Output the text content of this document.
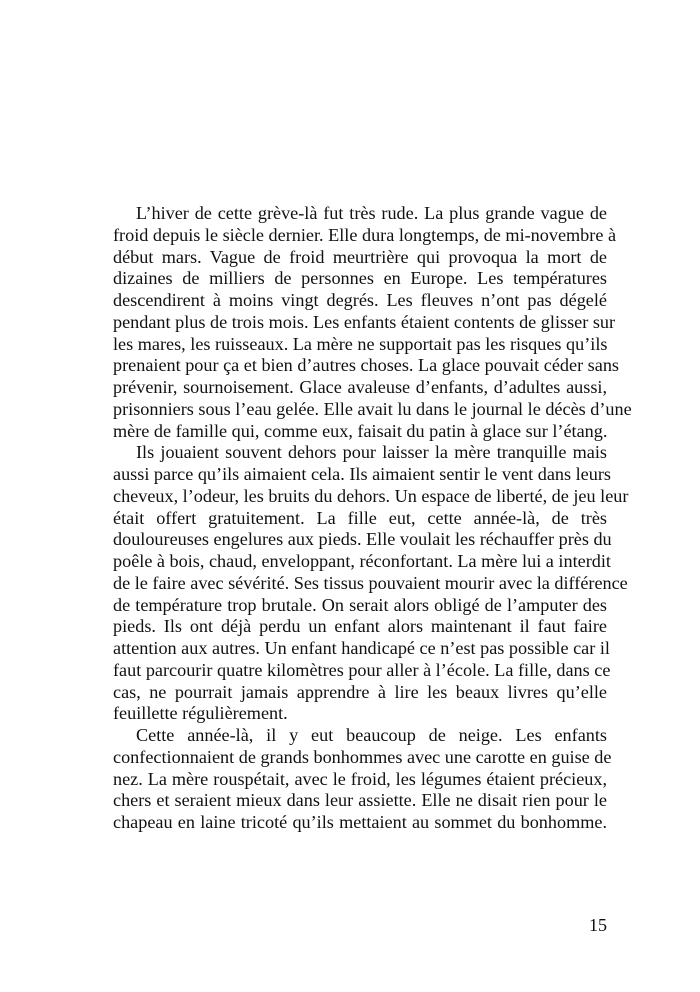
L’hiver de cette grève-là fut très rude. La plus grande vague de
froid depuis le siècle dernier. Elle dura longtemps, de mi-novembre à
début mars. Vague de froid meurtrière qui provoqua la mort de
dizaines de milliers de personnes en Europe. Les températures
descendirent à moins vingt degrés. Les fleuves n’ont pas dégelé
pendant plus de trois mois. Les enfants étaient contents de glisser sur
les mares, les ruisseaux. La mère ne supportait pas les risques qu’ils
prenaient pour ça et bien d’autres choses. La glace pouvait céder sans
prévenir, sournoisement. Glace avaleuse d’enfants, d’adultes aussi,
prisonniers sous l’eau gelée. Elle avait lu dans le journal le décès d’une
mère de famille qui, comme eux, faisait du patin à glace sur l’étang.
Ils jouaient souvent dehors pour laisser la mère tranquille mais
aussi parce qu’ils aimaient cela. Ils aimaient sentir le vent dans leurs
cheveux, l’odeur, les bruits du dehors. Un espace de liberté, de jeu leur
était offert gratuitement. La fille eut, cette année-là, de très
douloureuses engelures aux pieds. Elle voulait les réchauffer près du
poêle à bois, chaud, enveloppant, réconfortant. La mère lui a interdit
de le faire avec sévérité. Ses tissus pouvaient mourir avec la différence
de température trop brutale. On serait alors obligé de l’amputer des
pieds. Ils ont déjà perdu un enfant alors maintenant il faut faire
attention aux autres. Un enfant handicapé ce n’est pas possible car il
faut parcourir quatre kilomètres pour aller à l’école. La fille, dans ce
cas, ne pourrait jamais apprendre à lire les beaux livres qu’elle
feuillette régulièrement.
Cette année-là, il y eut beaucoup de neige. Les enfants
confectionnaient de grands bonhommes avec une carotte en guise de
nez. La mère rouspétait, avec le froid, les légumes étaient précieux,
chers et seraient mieux dans leur assiette. Elle ne disait rien pour le
chapeau en laine tricoté qu’ils mettaient au sommet du bonhomme.
15
